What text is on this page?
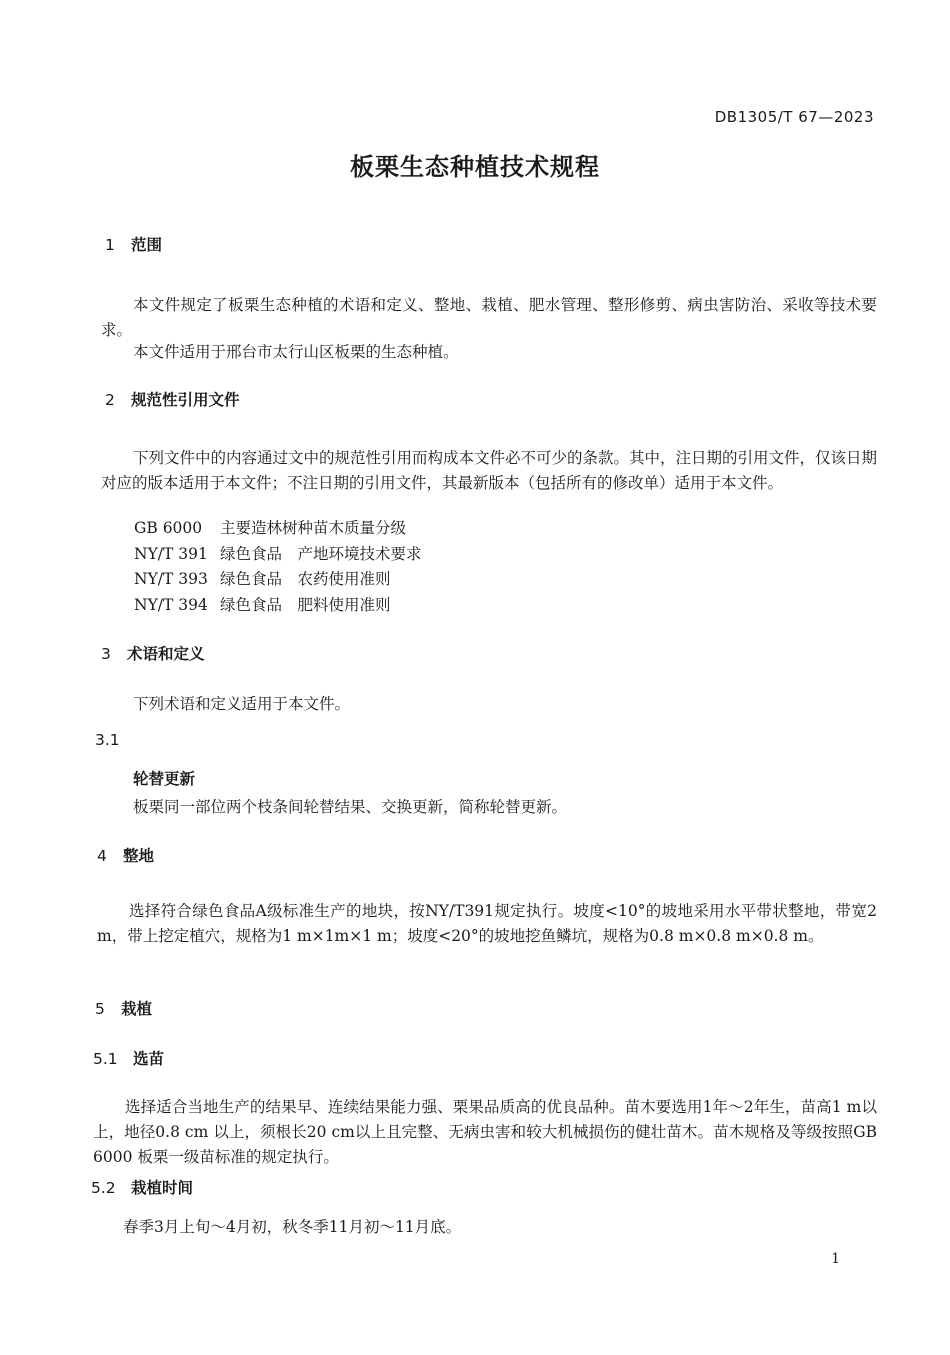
DB1305/T 67—2023
板栗生态种植技术规程
1 范围
本文件规定了板栗生态种植的术语和定义、整地、栽植、肥水管理、整形修剪、病虫害防治、采收等技术要求。
本文件适用于邢台市太行山区板栗的生态种植。
2 规范性引用文件
下列文件中的内容通过文中的规范性引用而构成本文件必不可少的条款。其中，注日期的引用文件，仅该日期对应的版本适用于本文件；不注日期的引用文件，其最新版本（包括所有的修改单）适用于本文件。
GB 6000 主要造林树种苗木质量分级
NY/T 391 绿色食品　产地环境技术要求
NY/T 393 绿色食品　农药使用准则
NY/T 394 绿色食品　肥料使用准则
3 术语和定义
下列术语和定义适用于本文件。
3.1
轮替更新
板栗同一部位两个枝条间轮替结果、交换更新，简称轮替更新。
4 整地
选择符合绿色食品A级标准生产的地块，按NY/T391规定执行。坡度<10°的坡地采用水平带状整地，带宽2 m，带上挖定植穴，规格为1 m×1m×1 m；坡度<20°的坡地挖鱼鳞坑，规格为0.8 m×0.8 m×0.8 m。
5 栽植
5.1 选苗
选择适合当地生产的结果早、连续结果能力强、栗果品质高的优良品种。苗木要选用1年～2年生，苗高1 m以上，地径0.8 cm 以上，须根长20 cm以上且完整、无病虫害和较大机械损伤的健壮苗木。苗木规格及等级按照GB 6000 板栗一级苗标准的规定执行。
5.2 栽植时间
春季3月上旬～4月初，秋冬季11月初～11月底。
1
